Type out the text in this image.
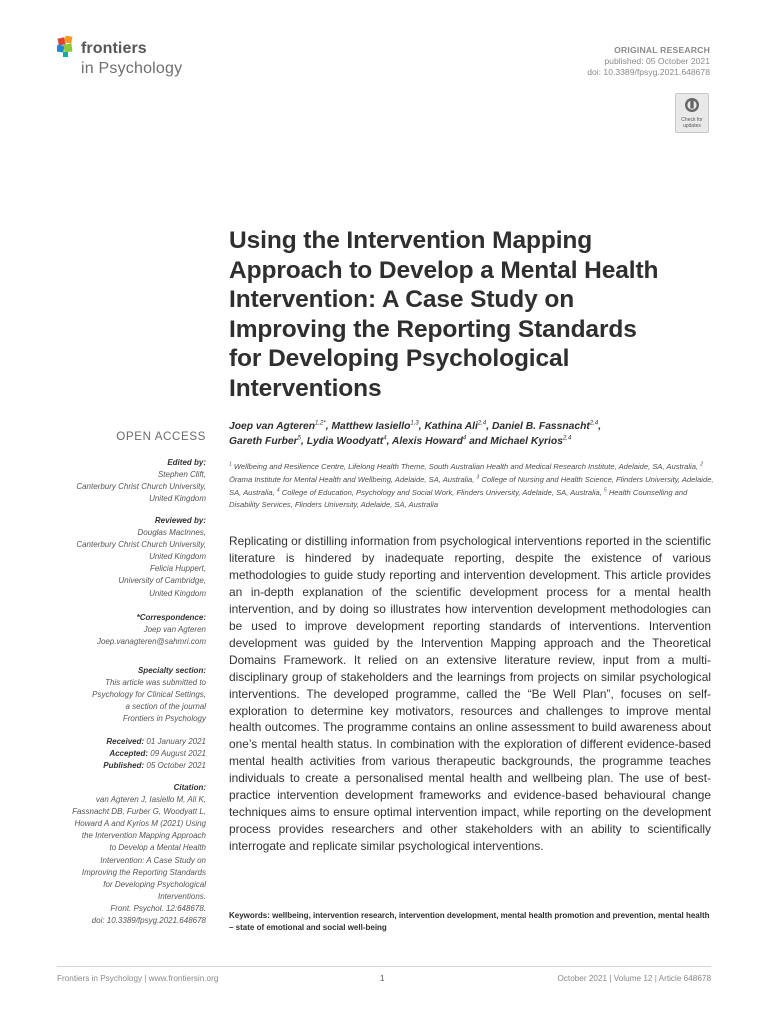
frontiers
in Psychology
ORIGINAL RESEARCH
published: 05 October 2021
doi: 10.3389/fpsyg.2021.648678
Check for
updates
Using the Intervention Mapping
Approach to Develop a Mental Health
Intervention: A Case Study on
Improving the Reporting Standards
for Developing Psychological
Interventions
Joep van Agteren$^{1,2*}$, Matthew Iasiello$^{1,3}$, Kathina Ali$^{2,4}$, Daniel B. Fassnacht$^{2,4}$,
Gareth Furber$^5$, Lydia Woodyatt$^4$, Alexis Howard$^4$ and Michael Kyrios$^{2,4}$
$^1$ Wellbeing and Resilience Centre, Lifelong Health Theme, South Australian Health and Medical Research Institute, Adelaide, SA, Australia, $^2$ Ōrama Institute for Mental Health and Wellbeing, Adelaide, SA, Australia, $^3$ College of Nursing and Health Science, Flinders University, Adelaide, SA, Australia, $^4$ College of Education, Psychology and Social Work, Flinders University, Adelaide, SA, Australia, $^5$ Health Counselling and Disability Services, Flinders University, Adelaide, SA, Australia
Replicating or distilling information from psychological interventions reported in the scientific literature is hindered by inadequate reporting, despite the existence of various methodologies to guide study reporting and intervention development. This article provides an in-depth explanation of the scientific development process for a mental health intervention, and by doing so illustrates how intervention development methodologies can be used to improve development reporting standards of interventions. Intervention development was guided by the Intervention Mapping approach and the Theoretical Domains Framework. It relied on an extensive literature review, input from a multi-disciplinary group of stakeholders and the learnings from projects on similar psychological interventions. The developed programme, called the “Be Well Plan”, focuses on self-exploration to determine key motivators, resources and challenges to improve mental health outcomes. The programme contains an online assessment to build awareness about one’s mental health status. In combination with the exploration of different evidence-based mental health activities from various therapeutic backgrounds, the programme teaches individuals to create a personalised mental health and wellbeing plan. The use of best-practice intervention development frameworks and evidence-based behavioural change techniques aims to ensure optimal intervention impact, while reporting on the development process provides researchers and other stakeholders with an ability to scientifically interrogate and replicate similar psychological interventions.
Keywords: wellbeing, intervention research, intervention development, mental health promotion and prevention, mental health – state of emotional and social well-being
OPEN ACCESS
Edited by:
Stephen Clift,
Canterbury Christ Church University,
United Kingdom
Reviewed by:
Douglas MacInnes,
Canterbury Christ Church University,
United Kingdom
Felicia Huppert,
University of Cambridge,
United Kingdom
*Correspondence:
Joep van Agteren
Joep.vanagteren@sahmri.com
Specialty section:
This article was submitted to
Psychology for Clinical Settings,
a section of the journal
Frontiers in Psychology
Received: 01 January 2021
Accepted: 09 August 2021
Published: 05 October 2021
Citation:
van Agteren J, Iasiello M, Ali K,
Fassnacht DB, Furber G, Woodyatt L,
Howard A and Kyrios M (2021) Using
the Intervention Mapping Approach
to Develop a Mental Health
Intervention: A Case Study on
Improving the Reporting Standards
for Developing Psychological
Interventions.
Front. Psychol. 12:648678.
doi: 10.3389/fpsyg.2021.648678
Frontiers in Psychology | www.frontiersin.org	1	October 2021 | Volume 12 | Article 648678
